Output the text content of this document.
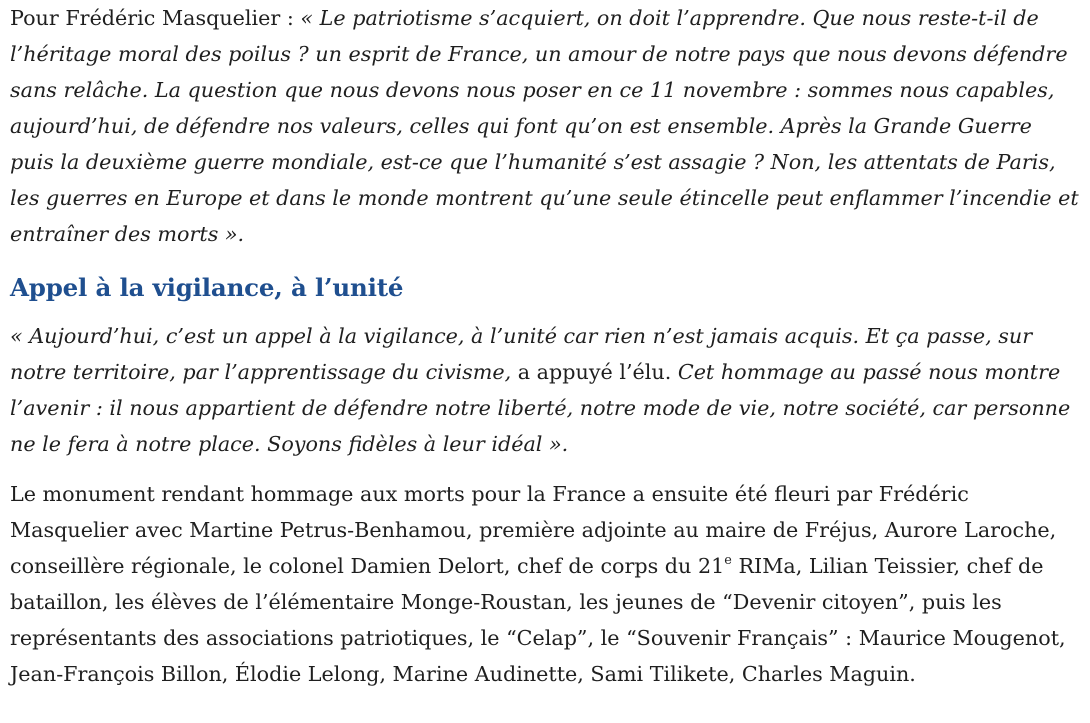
Pour Frédéric Masquelier : « Le patriotisme s’acquiert, on doit l’apprendre. Que nous reste-t-il de l’héritage moral des poilus ? un esprit de France, un amour de notre pays que nous devons défendre sans relâche. La question que nous devons nous poser en ce 11 novembre : sommes nous capables, aujourd’hui, de défendre nos valeurs, celles qui font qu’on est ensemble. Après la Grande Guerre puis la deuxième guerre mondiale, est-ce que l’humanité s’est assagie ? Non, les attentats de Paris, les guerres en Europe et dans le monde montrent qu’une seule étincelle peut enflammer l’incendie et entraîner des morts ».

Appel à la vigilance, à l’unité

« Aujourd’hui, c’est un appel à la vigilance, à l’unité car rien n’est jamais acquis. Et ça passe, sur notre territoire, par l’apprentissage du civisme, a appuyé l’élu. Cet hommage au passé nous montre l’avenir : il nous appartient de défendre notre liberté, notre mode de vie, notre société, car personne ne le fera à notre place. Soyons fidèles à leur idéal ».

Le monument rendant hommage aux morts pour la France a ensuite été fleuri par Frédéric Masquelier avec Martine Petrus-Benhamou, première adjointe au maire de Fréjus, Aurore Laroche, conseillère régionale, le colonel Damien Delort, chef de corps du 21e RIMa, Lilian Teissier, chef de bataillon, les élèves de l’élémentaire Monge-Roustan, les jeunes de “Devenir citoyen”, puis les représentants des associations patriotiques, le “Celap”, le “Souvenir Français” : Maurice Mougenot, Jean-François Billon, Élodie Lelong, Marine Audinette, Sami Tilikete, Charles Maguin.
